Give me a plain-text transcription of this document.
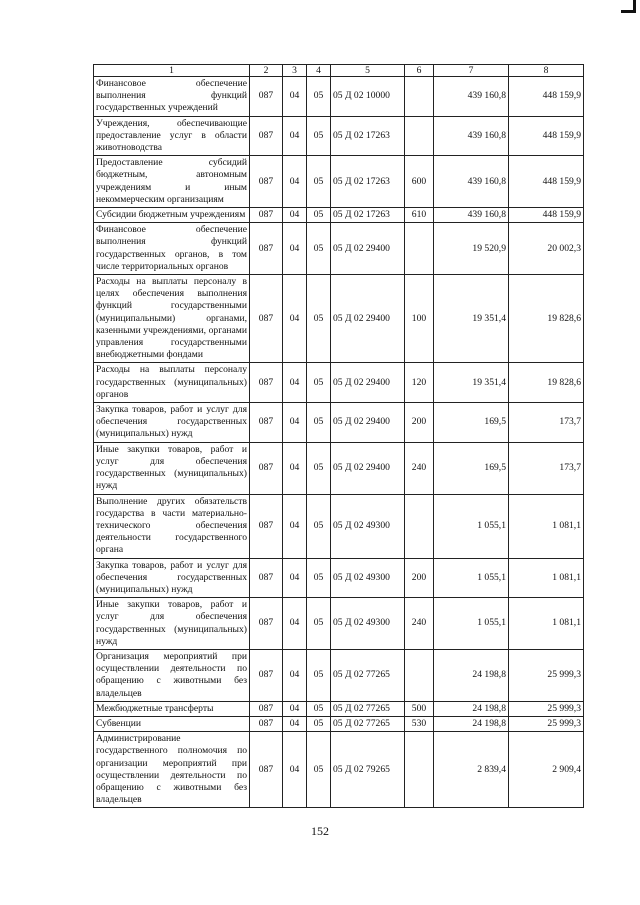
1	2	3	4	5	6	7	8
Финансовое обеспечение выполнения функций государственных учреждений	087	04	05	05 Д 02 10000		439 160,8	448 159,9
Учреждения, обеспечивающие предоставление услуг в области животноводства	087	04	05	05 Д 02 17263		439 160,8	448 159,9
Предоставление субсидий бюджетным, автономным учреждениям и иным некоммерческим организациям	087	04	05	05 Д 02 17263	600	439 160,8	448 159,9
Субсидии бюджетным учреждениям	087	04	05	05 Д 02 17263	610	439 160,8	448 159,9
Финансовое обеспечение выполнения функций государственных органов, в том числе территориальных органов	087	04	05	05 Д 02 29400		19 520,9	20 002,3
Расходы на выплаты персоналу в целях обеспечения выполнения функций государственными (муниципальными) органами, казенными учреждениями, органами управления государственными внебюджетными фондами	087	04	05	05 Д 02 29400	100	19 351,4	19 828,6
Расходы на выплаты персоналу государственных (муниципальных) органов	087	04	05	05 Д 02 29400	120	19 351,4	19 828,6
Закупка товаров, работ и услуг для обеспечения государственных (муниципальных) нужд	087	04	05	05 Д 02 29400	200	169,5	173,7
Иные закупки товаров, работ и услуг для обеспечения государственных (муниципальных) нужд	087	04	05	05 Д 02 29400	240	169,5	173,7
Выполнение других обязательств государства в части материально-технического обеспечения деятельности государственного органа	087	04	05	05 Д 02 49300		1 055,1	1 081,1
Закупка товаров, работ и услуг для обеспечения государственных (муниципальных) нужд	087	04	05	05 Д 02 49300	200	1 055,1	1 081,1
Иные закупки товаров, работ и услуг для обеспечения государственных (муниципальных) нужд	087	04	05	05 Д 02 49300	240	1 055,1	1 081,1
Организация мероприятий при осуществлении деятельности по обращению с животными без владельцев	087	04	05	05 Д 02 77265		24 198,8	25 999,3
Межбюджетные трансферты	087	04	05	05 Д 02 77265	500	24 198,8	25 999,3
Субвенции	087	04	05	05 Д 02 77265	530	24 198,8	25 999,3
Администрирование государственного полномочия по организации мероприятий при осуществлении деятельности по обращению с животными без владельцев	087	04	05	05 Д 02 79265		2 839,4	2 909,4
152
